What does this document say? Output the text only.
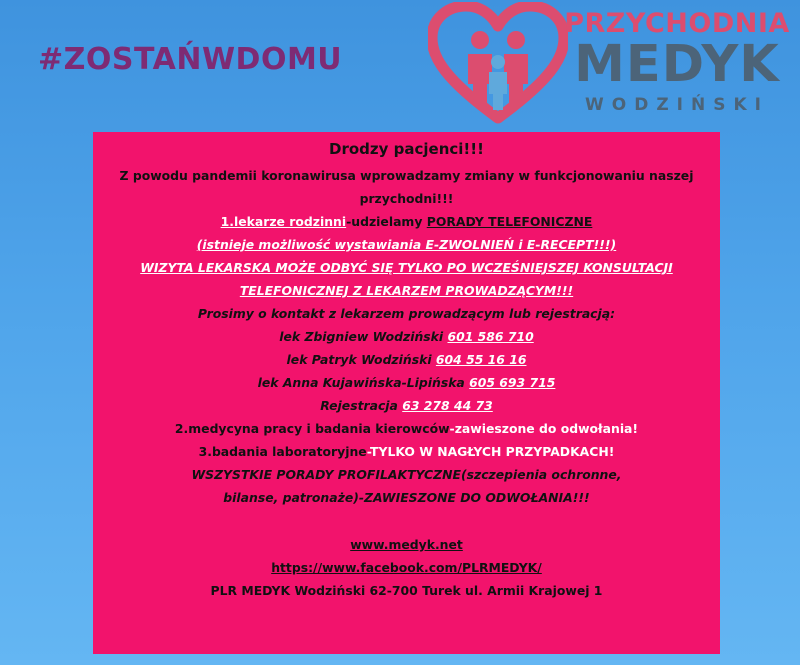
#ZOSTAŃWDOMU
PRZYCHODNIA
MEDYK
WODZIŃSKI
Drodzy pacjenci!!!
Z powodu pandemii koronawirusa wprowadzamy zmiany w funkcjonowaniu naszej
przychodni!!!
1.lekarze rodzinni-udzielamy PORADY TELEFONICZNE
(istnieje możliwość wystawiania E-ZWOLNIEŃ i E-RECEPT!!!)
WIZYTA LEKARSKA MOŻE ODBYĆ SIĘ TYLKO PO WCZEŚNIEJSZEJ KONSULTACJI
TELEFONICZNEJ Z LEKARZEM PROWADZĄCYM!!!
Prosimy o kontakt z lekarzem prowadzącym lub rejestracją:
lek Zbigniew Wodziński 601 586 710
lek Patryk Wodziński 604 55 16 16
lek Anna Kujawińska-Lipińska 605 693 715
Rejestracja 63 278 44 73
2.medycyna pracy i badania kierowców-zawieszone do odwołania!
3.badania laboratoryjne-TYLKO W NAGŁYCH PRZYPADKACH!
WSZYSTKIE PORADY PROFILAKTYCZNE(szczepienia ochronne,
bilanse, patronaże)-ZAWIESZONE DO ODWOŁANIA!!!
www.medyk.net
https://www.facebook.com/PLRMEDYK/
PLR MEDYK Wodziński 62-700 Turek ul. Armii Krajowej 1
